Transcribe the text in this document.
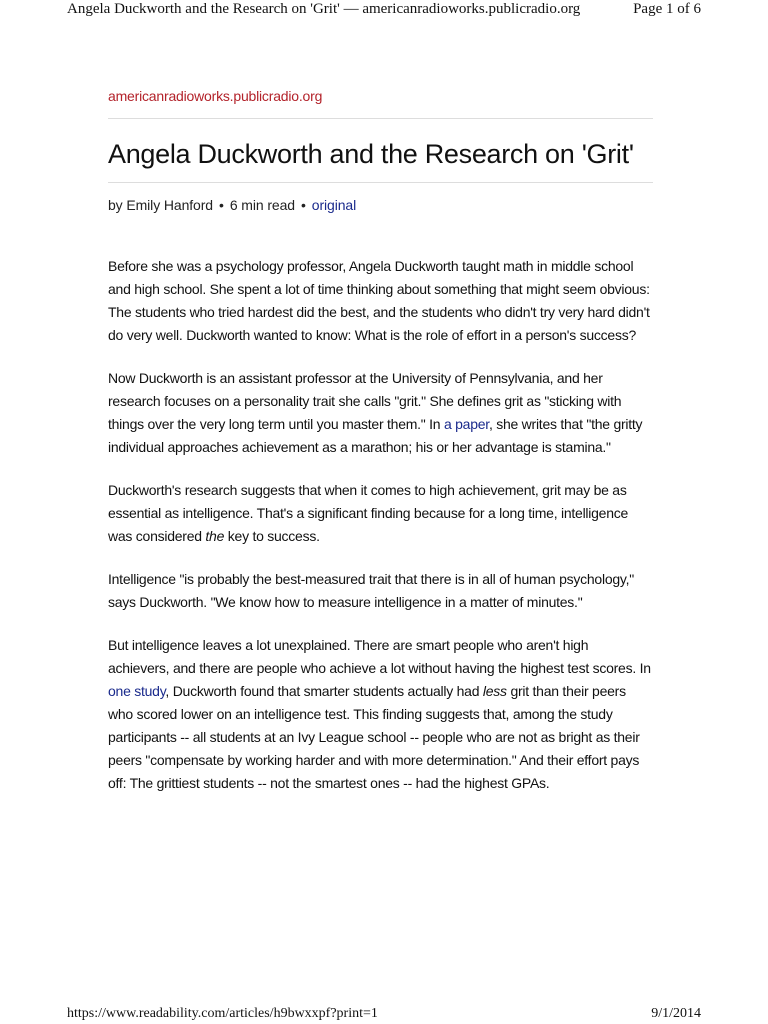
Angela Duckworth and the Research on 'Grit' — americanradioworks.publicradio.org	Page 1 of 6
americanradioworks.publicradio.org
Angela Duckworth and the Research on 'Grit'
by Emily Hanford • 6 min read • original

Before she was a psychology professor, Angela Duckworth taught math in middle school and high school. She spent a lot of time thinking about something that might seem obvious: The students who tried hardest did the best, and the students who didn't try very hard didn't do very well. Duckworth wanted to know: What is the role of effort in a person's success?

Now Duckworth is an assistant professor at the University of Pennsylvania, and her research focuses on a personality trait she calls "grit." She defines grit as "sticking with things over the very long term until you master them." In a paper, she writes that "the gritty individual approaches achievement as a marathon; his or her advantage is stamina."

Duckworth's research suggests that when it comes to high achievement, grit may be as essential as intelligence. That's a significant finding because for a long time, intelligence was considered the key to success.

Intelligence "is probably the best-measured trait that there is in all of human psychology," says Duckworth. "We know how to measure intelligence in a matter of minutes."

But intelligence leaves a lot unexplained. There are smart people who aren't high achievers, and there are people who achieve a lot without having the highest test scores. In one study, Duckworth found that smarter students actually had less grit than their peers who scored lower on an intelligence test. This finding suggests that, among the study participants -- all students at an Ivy League school -- people who are not as bright as their peers "compensate by working harder and with more determination." And their effort pays off: The grittiest students -- not the smartest ones -- had the highest GPAs.

https://www.readability.com/articles/h9bwxxpf?print=1	9/1/2014
